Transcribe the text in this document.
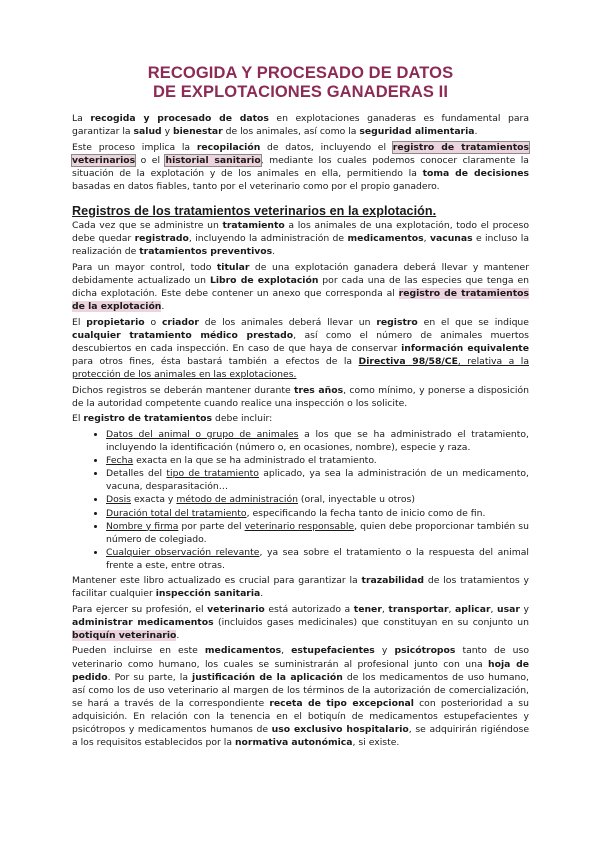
RECOGIDA Y PROCESADO DE DATOS
DE EXPLOTACIONES GANADERAS II

La recogida y procesado de datos en explotaciones ganaderas es fundamental para garantizar la salud y bienestar de los animales, así como la seguridad alimentaria.

Este proceso implica la recopilación de datos, incluyendo el registro de tratamientos veterinarios o el historial sanitario, mediante los cuales podemos conocer claramente la situación de la explotación y de los animales en ella, permitiendo la toma de decisiones basadas en datos fiables, tanto por el veterinario como por el propio ganadero.

Registros de los tratamientos veterinarios en la explotación.

Cada vez que se administre un tratamiento a los animales de una explotación, todo el proceso debe quedar registrado, incluyendo la administración de medicamentos, vacunas e incluso la realización de tratamientos preventivos.

Para un mayor control, todo titular de una explotación ganadera deberá llevar y mantener debidamente actualizado un Libro de explotación por cada una de las especies que tenga en dicha explotación. Este debe contener un anexo que corresponda al registro de tratamientos de la explotación.

El propietario o criador de los animales deberá llevar un registro en el que se indique cualquier tratamiento médico prestado, así como el número de animales muertos descubiertos en cada inspección. En caso de que haya de conservar información equivalente para otros fines, ésta bastará también a efectos de la Directiva 98/58/CE, relativa a la protección de los animales en las explotaciones.

Dichos registros se deberán mantener durante tres años, como mínimo, y ponerse a disposición de la autoridad competente cuando realice una inspección o los solicite.

El registro de tratamientos debe incluir:

• Datos del animal o grupo de animales a los que se ha administrado el tratamiento, incluyendo la identificación (número o, en ocasiones, nombre), especie y raza.
• Fecha exacta en la que se ha administrado el tratamiento.
• Detalles del tipo de tratamiento aplicado, ya sea la administración de un medicamento, vacuna, desparasitación…
• Dosis exacta y método de administración (oral, inyectable u otros)
• Duración total del tratamiento, especificando la fecha tanto de inicio como de fin.
• Nombre y firma por parte del veterinario responsable, quien debe proporcionar también su número de colegiado.
• Cualquier observación relevante, ya sea sobre el tratamiento o la respuesta del animal frente a este, entre otras.

Mantener este libro actualizado es crucial para garantizar la trazabilidad de los tratamientos y facilitar cualquier inspección sanitaria.

Para ejercer su profesión, el veterinario está autorizado a tener, transportar, aplicar, usar y administrar medicamentos (incluidos gases medicinales) que constituyan en su conjunto un botiquín veterinario.

Pueden incluirse en este medicamentos, estupefacientes y psicótropos tanto de uso veterinario como humano, los cuales se suministrarán al profesional junto con una hoja de pedido. Por su parte, la justificación de la aplicación de los medicamentos de uso humano, así como los de uso veterinario al margen de los términos de la autorización de comercialización, se hará a través de la correspondiente receta de tipo excepcional con posterioridad a su adquisición. En relación con la tenencia en el botiquín de medicamentos estupefacientes y psicótropos y medicamentos humanos de uso exclusivo hospitalario, se adquirirán rigiéndose a los requisitos establecidos por la normativa autonómica, si existe.
